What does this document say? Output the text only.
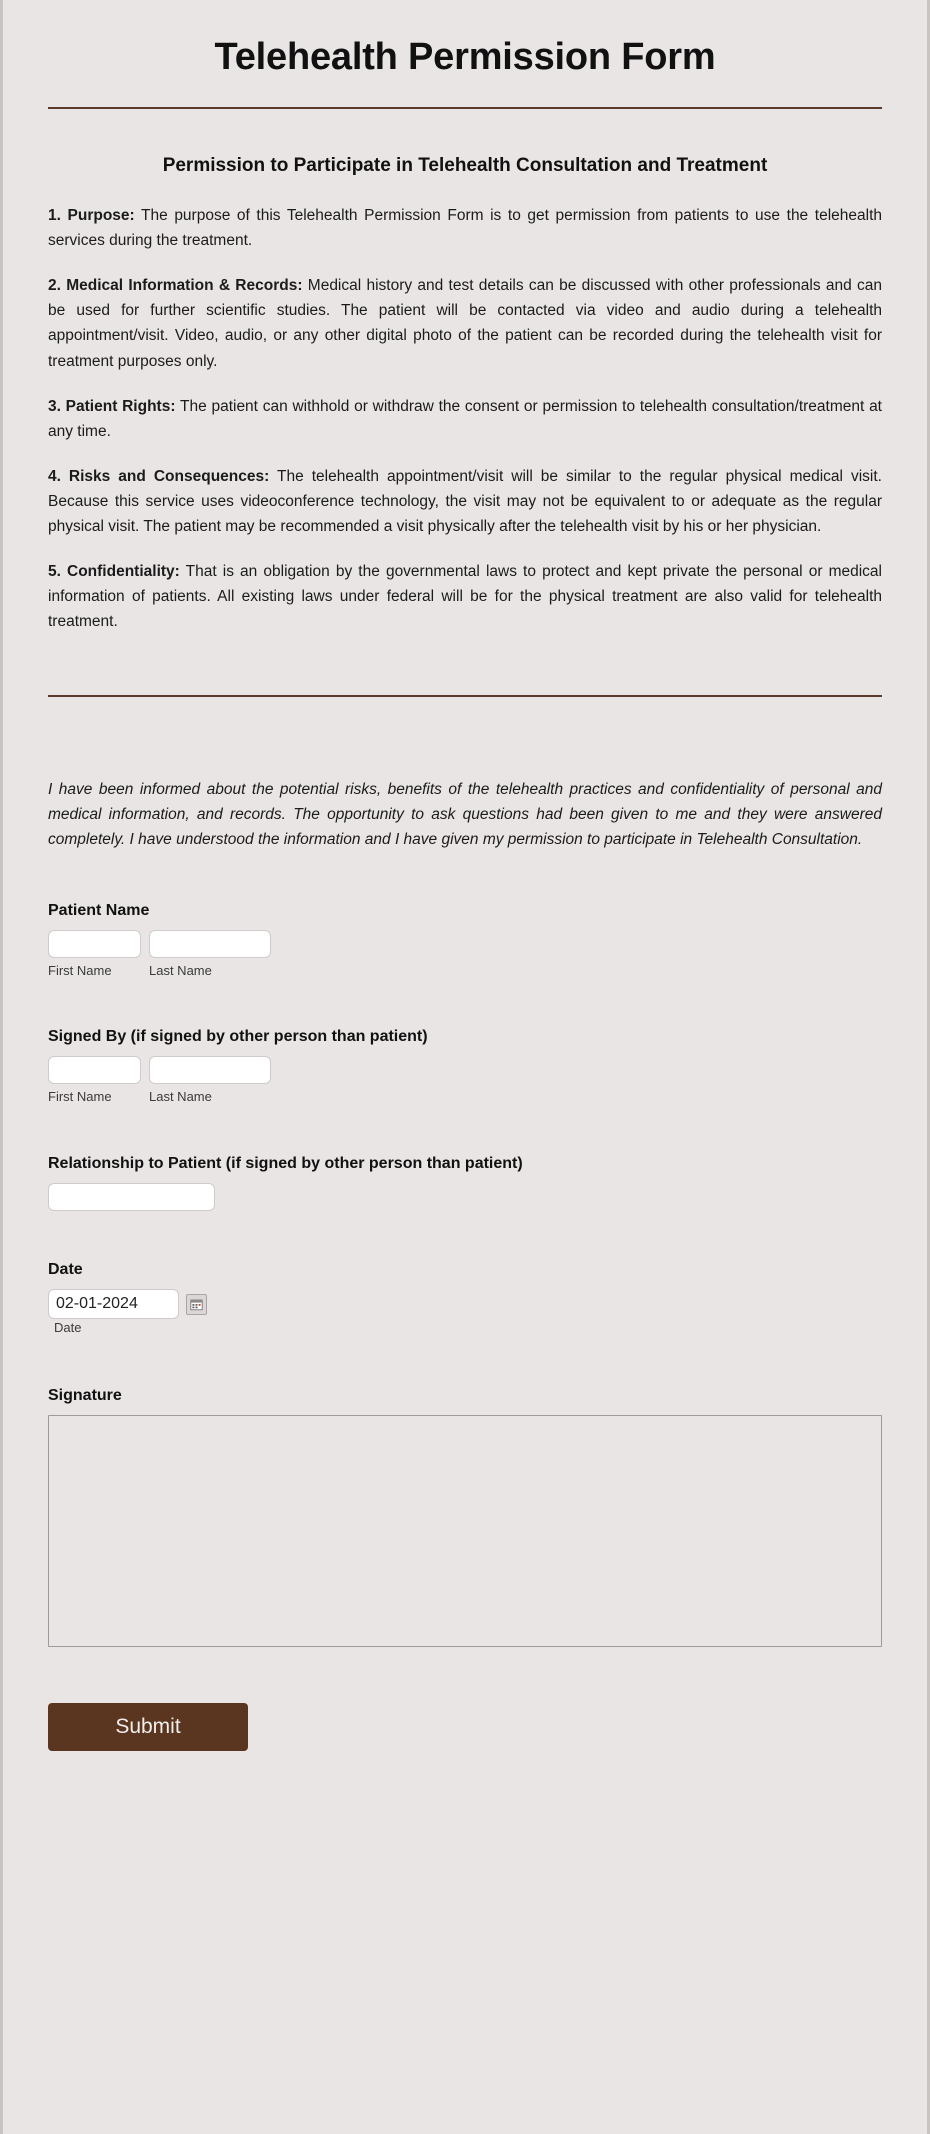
Telehealth Permission Form
Permission to Participate in Telehealth Consultation and Treatment

1. Purpose: The purpose of this Telehealth Permission Form is to get permission from patients to use the telehealth services during the treatment.

2. Medical Information & Records: Medical history and test details can be discussed with other professionals and can be used for further scientific studies. The patient will be contacted via video and audio during a telehealth appointment/visit. Video, audio, or any other digital photo of the patient can be recorded during the telehealth visit for treatment purposes only.

3. Patient Rights: The patient can withhold or withdraw the consent or permission to telehealth consultation/treatment at any time.

4. Risks and Consequences: The telehealth appointment/visit will be similar to the regular physical medical visit. Because this service uses videoconference technology, the visit may not be equivalent to or adequate as the regular physical visit. The patient may be recommended a visit physically after the telehealth visit by his or her physician.

5. Confidentiality: That is an obligation by the governmental laws to protect and kept private the personal or medical information of patients. All existing laws under federal will be for the physical treatment are also valid for telehealth treatment.

I have been informed about the potential risks, benefits of the telehealth practices and confidentiality of personal and medical information, and records. The opportunity to ask questions had been given to me and they were answered completely. I have understood the information and I have given my permission to participate in Telehealth Consultation.

Patient Name
First Name	Last Name
Signed By (if signed by other person than patient)
First Name	Last Name
Relationship to Patient (if signed by other person than patient)
Date
02-01-2024
Date
Signature
Submit
